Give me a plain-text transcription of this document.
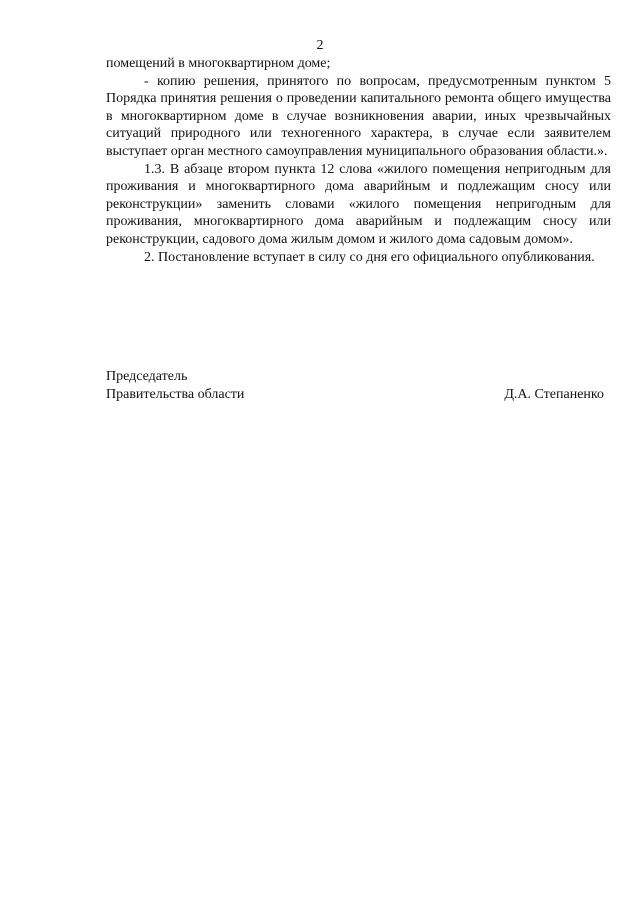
2

помещений в многоквартирном доме;

- копию решения, принятого по вопросам, предусмотренным пунктом 5 Порядка принятия решения о проведении капитального ремонта общего имущества в многоквартирном доме в случае возникновения аварии, иных чрезвычайных ситуаций природного или техногенного характера, в случае если заявителем выступает орган местного самоуправления муниципального образования области.».

1.3. В абзаце втором пункта 12 слова «жилого помещения непригодным для проживания и многоквартирного дома аварийным и подлежащим сносу или реконструкции» заменить словами «жилого помещения непригодным для проживания, многоквартирного дома аварийным и подлежащим сносу или реконструкции, садового дома жилым домом и жилого дома садовым домом».

2. Постановление вступает в силу со дня его официального опубликования.

Председатель
Правительства области	Д.А. Степаненко
